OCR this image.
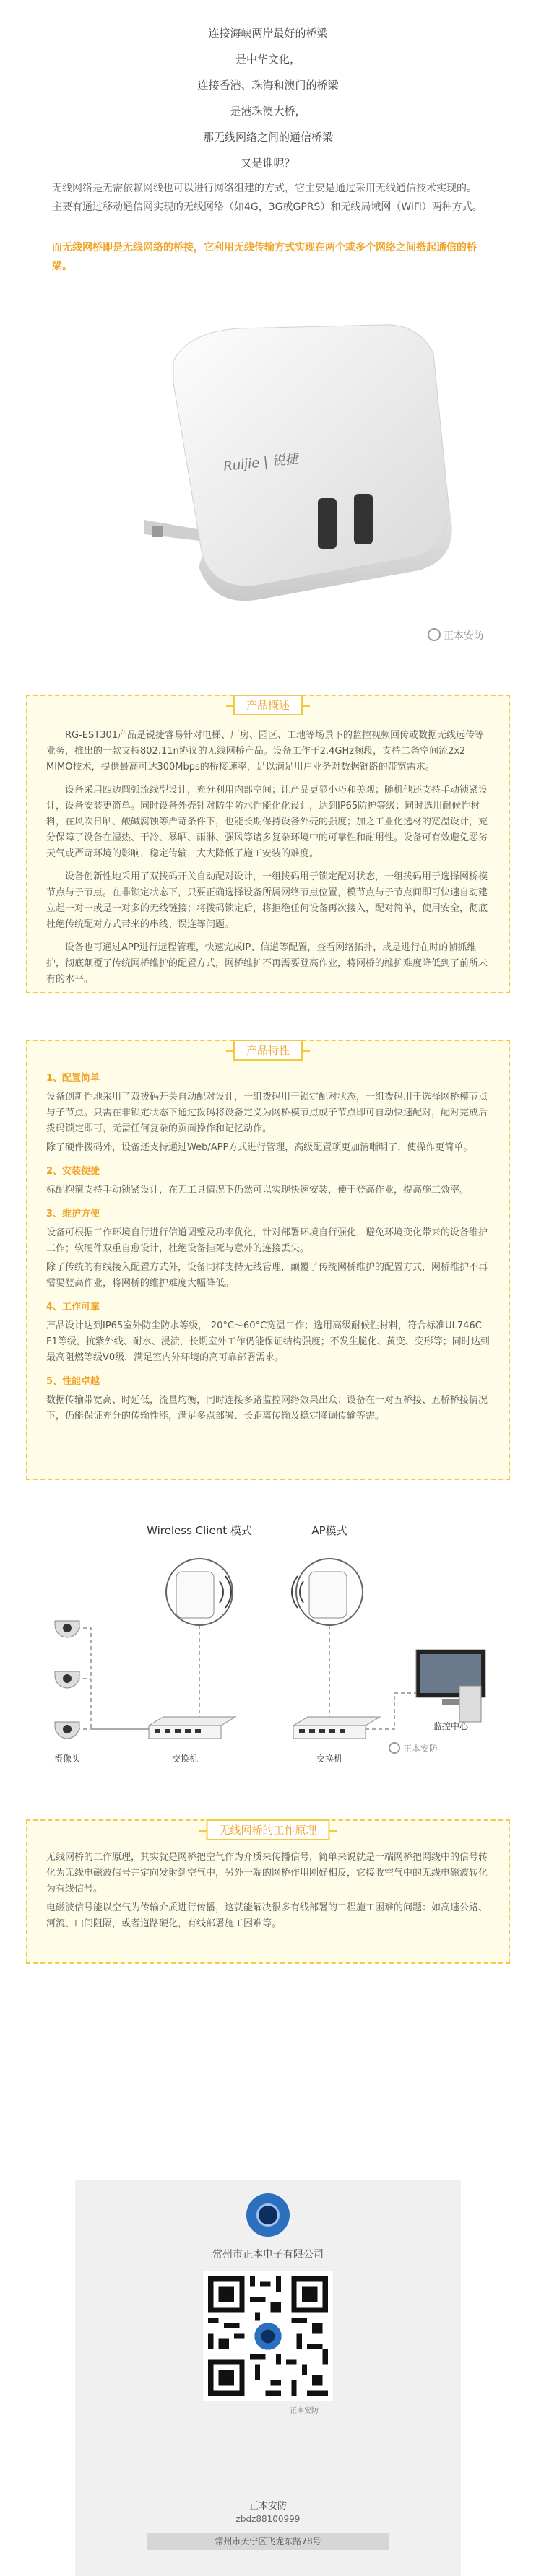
连接海峡两岸最好的桥梁

是中华文化，

连接香港、珠海和澳门的桥梁

是港珠澳大桥，

那无线网络之间的通信桥梁

又是谁呢？

无线网络是无需依赖网线也可以进行网络组建的方式，它主要是通过采用无线通信技术实现的。主要有通过移动通信网实现的无线网络（如4G，3G或GPRS）和无线局域网（WiFi）两种方式。

而无线网桥即是无线网络的桥接，它利用无线传输方式实现在两个或多个网络之间搭起通信的桥梁。

Ruijie | 锐捷
正本安防
产品概述

RG-EST301产品是锐捷睿易针对电梯、厂房、园区、工地等场景下的监控视频回传或数据无线远传等业务，推出的一款支持802.11n协议的无线网桥产品。设备工作于2.4GHz频段，支持二条空间流2x2 MIMO技术，提供最高可达300Mbps的桥接速率，足以满足用户业务对数据链路的带宽需求。

设备采用四边圆弧流线型设计，充分利用内部空间；让产品更显小巧和美观；随机他还支持手动锁紧设计，设备安装更简单。同时设备外壳针对防尘防水性能化化设计，达到IP65防护等级；同时选用耐候性材料，在风吹日晒、酸碱腐蚀等严苛条件下，也能长期保持设备外壳的强度；加之工业化选材的宽温设计，充分保障了设备在湿热、干冷、暴晒、雨淋、强风等诸多复杂环境中的可靠性和耐用性。设备可有效避免恶劣天气或严苛环境的影响，稳定传输，大大降低了施工安装的难度。

设备创新性地采用了双拨码开关自动配对设计，一组拨码用于锁定配对状态，一组拨码用于选择网桥模节点与子节点。在非锁定状态下，只要正确选择设备所属网络节点位置，模节点与子节点间即可快速自动建立起一对一或是一对多的无线链接；将拨码锁定后，将拒绝任何设备再次接入，配对简单，使用安全，彻底杜绝传统配对方式带来的串线、误连等问题。

设备也可通过APP进行远程管理，快速完成IP、信道等配置，查看网络拓扑，或是进行在时的帧抓维护，彻底颠覆了传统网桥维护的配置方式，网桥维护不再需要登高作业，将网桥的维护难度降低到了前所未有的水平。

产品特性
1、配置简单

设备创新性地采用了双拨码开关自动配对设计，一组拨码用于锁定配对状态，一组拨码用于选择网桥模节点与子节点。只需在非锁定状态下通过拨码将设备定义为网桥模节点或子节点即可自动快速配对，配对完成后拨码锁定即可，无需任何复杂的页面操作和记忆动作。

除了硬件拨码外，设备还支持通过Web/APP方式进行管理，高级配置项更加清晰明了，使操作更简单。

2、安装便捷

标配抱箍支持手动锁紧设计，在无工具情况下仍然可以实现快速安装，便于登高作业，提高施工效率。

3、维护方便

设备可根据工作环境自行进行信道调整及功率优化，针对部署环境自行强化，避免环境变化带来的设备维护工作；软硬件双重自愈设计，杜绝设备挂死与意外的连接丢失。

除了传统的有线接入配置方式外，设备同样支持无线管理，颠覆了传统网桥维护的配置方式，网桥维护不再需要登高作业，将网桥的维护难度大幅降低。

4、工作可靠

产品设计达到IP65室外防尘防水等级，-20°C～60°C宽温工作；选用高级耐候性材料，符合标准UL746C F1等级，抗紫外线、耐水、浸渍，长期室外工作仍能保证结构强度；不发生脆化、黄变、变形等；同时达到最高阻燃等级V0级，满足室内外环境的高可靠部署需求。

5、性能卓越

数据传输带宽高、时延低，流量均衡，同时连接多路监控网络效果出众；设备在一对五桥接、五桥桥接情况下，仍能保证充分的传输性能，满足多点部署、长距离传输及稳定降调传输等需。

Wireless Client 模式	AP模式
摄像头	交换机	交换机
监控中心
正本安防
无线网桥的工作原理

无线网桥的工作原理，其实就是网桥把空气作为介质来传播信号，简单来说就是一端网桥把网线中的信号转化为无线电磁波信号并定向发射到空气中，另外一端的网桥作用刚好相反，它接收空气中的无线电磁波转化为有线信号。

电磁波信号能以空气为传输介质进行传播，这就能解决很多有线部署的工程施工困难的问题：如高速公路、河流、山间阻隔，或者道路硬化，有线部署施工困难等。

常州市正本电子有限公司
正本安防
正本安防
zbdz88100999
常州市天宁区飞龙东路78号
